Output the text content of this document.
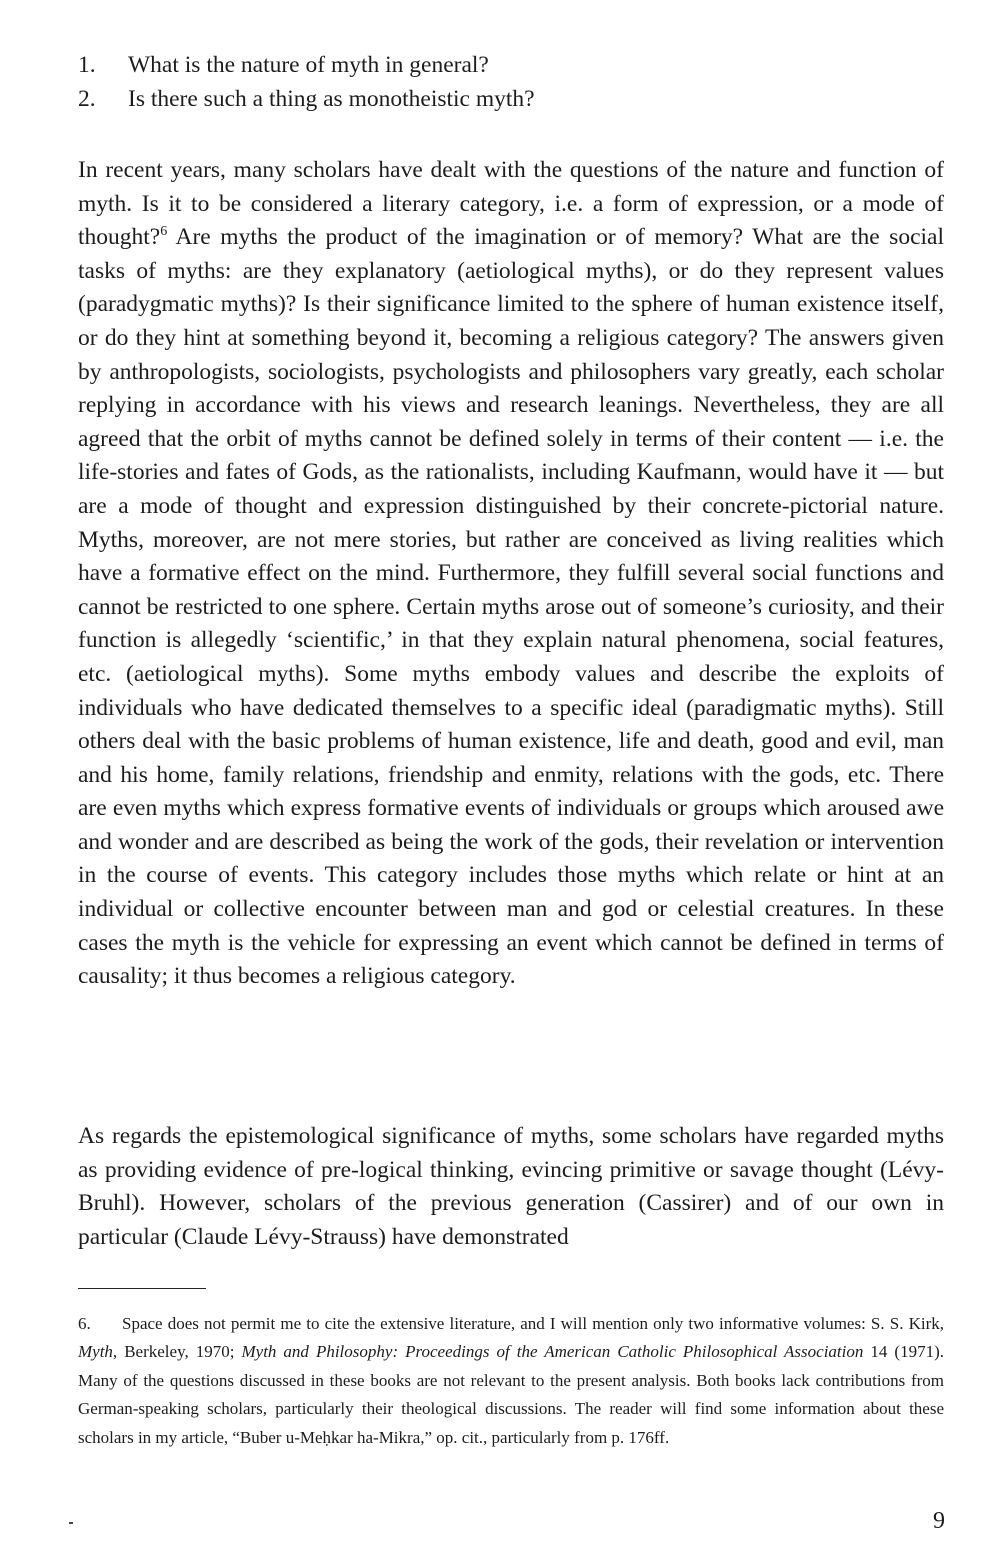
1.	What is the nature of myth in general?
2.	Is there such a thing as monotheistic myth?

In recent years, many scholars have dealt with the questions of the nature and function of myth. Is it to be considered a literary category, i.e. a form of expression, or a mode of thought?$^6$ Are myths the product of the imagination or of memory? What are the social tasks of myths: are they explanatory (aetiological myths), or do they represent values (paradygmatic myths)? Is their significance limited to the sphere of human existence itself, or do they hint at something beyond it, becoming a religious category? The answers given by anthropologists, sociologists, psychologists and philosophers vary greatly, each scholar replying in accordance with his views and research leanings. Nevertheless, they are all agreed that the orbit of myths cannot be defined solely in terms of their content — i.e. the life-stories and fates of Gods, as the rationalists, including Kaufmann, would have it — but are a mode of thought and expression distinguished by their concrete-pictorial nature. Myths, moreover, are not mere stories, but rather are conceived as living realities which have a formative effect on the mind. Furthermore, they fulfill several social functions and cannot be restricted to one sphere. Certain myths arose out of someone’s curiosity, and their function is allegedly ‘scientific,’ in that they explain natural phenomena, social features, etc. (aetiological myths). Some myths embody values and describe the exploits of individuals who have dedicated themselves to a specific ideal (paradigmatic myths). Still others deal with the basic problems of human existence, life and death, good and evil, man and his home, family relations, friendship and enmity, relations with the gods, etc. There are even myths which express formative events of individuals or groups which aroused awe and wonder and are described as being the work of the gods, their revelation or intervention in the course of events. This category includes those myths which relate or hint at an individual or collective encounter between man and god or celestial creatures. In these cases the myth is the vehicle for expressing an event which cannot be defined in terms of causality; it thus becomes a religious category.

As regards the epistemological significance of myths, some scholars have regarded myths as providing evidence of pre-logical thinking, evincing primitive or savage thought (Lévy-Bruhl). However, scholars of the previous generation (Cassirer) and of our own in particular (Claude Lévy-Strauss) have demonstrated

6. Space does not permit me to cite the extensive literature, and I will mention only two informative volumes: S. S. Kirk, Myth, Berkeley, 1970; Myth and Philosophy: Proceedings of the American Catholic Philosophical Association 14 (1971). Many of the questions discussed in these books are not relevant to the present analysis. Both books lack contributions from German-speaking scholars, particularly their theological discussions. The reader will find some information about these scholars in my article, “Buber u-Meḥkar ha-Mikra,” op. cit., particularly from p. 176ff.

9
